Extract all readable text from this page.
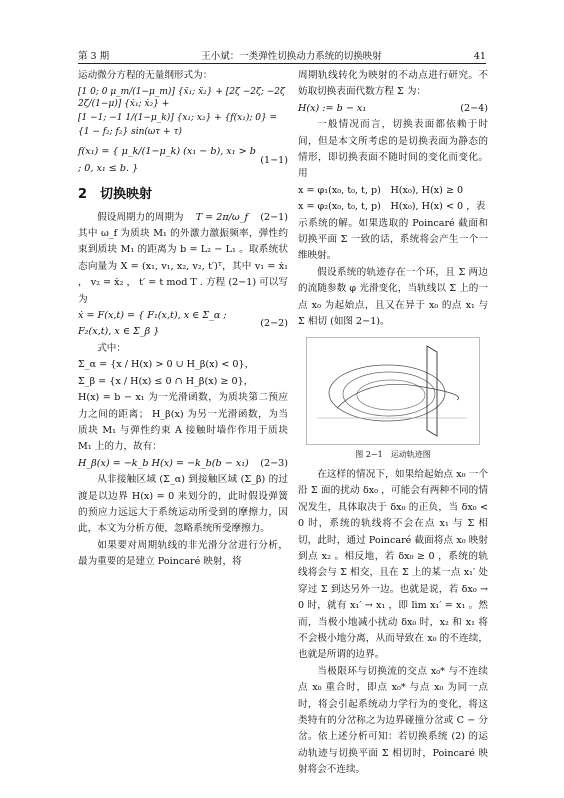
第 3 期	王小斌：一类弹性切换动力系统的切换映射	41

运动微分方程的无量纲形式为：

[1 0; 0 μ_m/(1−μ_m)] {ẍ₁; ẍ₂} + [2ζ −2ζ; −2ζ 2ζ/(1−μ)] {ẋ₁; ẋ₂} +
[1 −1; −1 1/(1−μ_k)] {x₁; x₂} + {f(x₁); 0} =
{1 − f₂; f₂} sin(ωτ + τ)
f(x₁) = { μ_k/(1−μ_k) (x₁ − b), x₁ > b ; 0, x₁ ≤ b. }
(1−1)
2　切换映射
假设周期力的周期为 T = 2π/ω_f (2−1)

其中 ω_f 为质块 M₁ 的外激力激振频率，弹性约束到质块 M₁ 的距离为 b = L₂ − L₁ 。取系统状态向量为 X = (x₁, v₁, x₂, v₂, t′)ᵀ，其中 v₁ = ẋ₁ ， v₂ = ẋ₂ ， t′ = t mod T . 方程 (2−1) 可以写为

ẋ = F(x,t) = { F₁(x,t), x ∈ Σ_α ; F₂(x,t), x ∈ Σ_β }
(2−2)

式中：

Σ_α = {x / H(x) > 0 ∪ H_β(x) < 0}，

Σ_β = {x / H(x) ≤ 0 ∩ H_β(x) ≥ 0}，

H(x) = b − x₁ 为一光滑函数，为质块第二预应力之间的距离； H_β(x) 为另一光滑函数，为当质块 M₁ 与弹性约束 A 接触时墙作作用于质块 M₁ 上的力，故有：

H_β(x) = −k_b H(x) = −k_b(b − x₁) (2−3)

从非接触区域 (Σ_α) 到接触区域 (Σ_β) 的过渡是以边界 H(x) = 0 来划分的，此时假设弹簧的预应力远远大于系统运动所受到的摩擦力，因此，本文为分析方便，忽略系统所受摩擦力。

如果要对周期轨线的非光滑分岔进行分析，最为重要的是建立 Poincaré 映射，将

周期轨线转化为映射的不动点进行研究。不妨取切换表面代数方程 Σ 为：

H(x) := b − x₁	(2−4)

一般情况而言，切换表面都依赖于时间，但是本文所考虑的是切换表面为静态的情形，即切换表面不随时间的变化而变化。用

x = φ₁(x₀, t₀, t, p)　H(x₀), H(x) ≥ 0

x = φ₂(x₀, t₀, t, p)　H(x₀), H(x) < 0 ，表

示系统的解。如果选取的 Poincaré 截面和切换平面 Σ 一致的话，系统将会产生一个一维映射。

假设系统的轨迹存在一个环，且 Σ 两边的流随参数 φ 光滑变化，当轨线以 Σ 上的一点 x₀ 为起始点，且又在异于 x₀ 的点 x₁ 与 Σ 相切 (如图 2−1)。

图 2−1　运动轨迹图

在这样的情况下，如果给起始点 x₀ 一个沿 Σ 面的扰动 δx₀ ，可能会有两种不同的情况发生，具体取决于 δx₀ 的正负，当 δx₀ < 0 时，系统的轨线将不会在点 x₁ 与 Σ 相切，此时，通过 Poincaré 截面将点 x₀ 映射到点 x₂ 。相反地，若 δx₀ ≥ 0 ，系统的轨线将会与 Σ 相交，且在 Σ 上的某一点 x₁′ 处穿过 Σ 到达另外一边。也就是说，若 δx₀ → 0 时，就有 x₁′ → x₁ ，即 lim x₁′ = x₁ 。然而，当极小地减小扰动 δx₀ 时，x₂ 和 x₁ 将不会极小地分离，从而导致在 x₀ 的不连续，也就是所谓的边界。

当极限环与切换流的交点 x₀* 与不连续点 x₀ 重合时，即点 x₀* 与点 x₀ 为同一点时，将会引起系统动力学行为的变化，将这类特有的分岔称之为边界碰撞分岔或 C − 分岔。依上述分析可知：若切换系统 (2) 的运动轨迹与切换平面 Σ 相切时，Poincaré 映射将会不连续。
